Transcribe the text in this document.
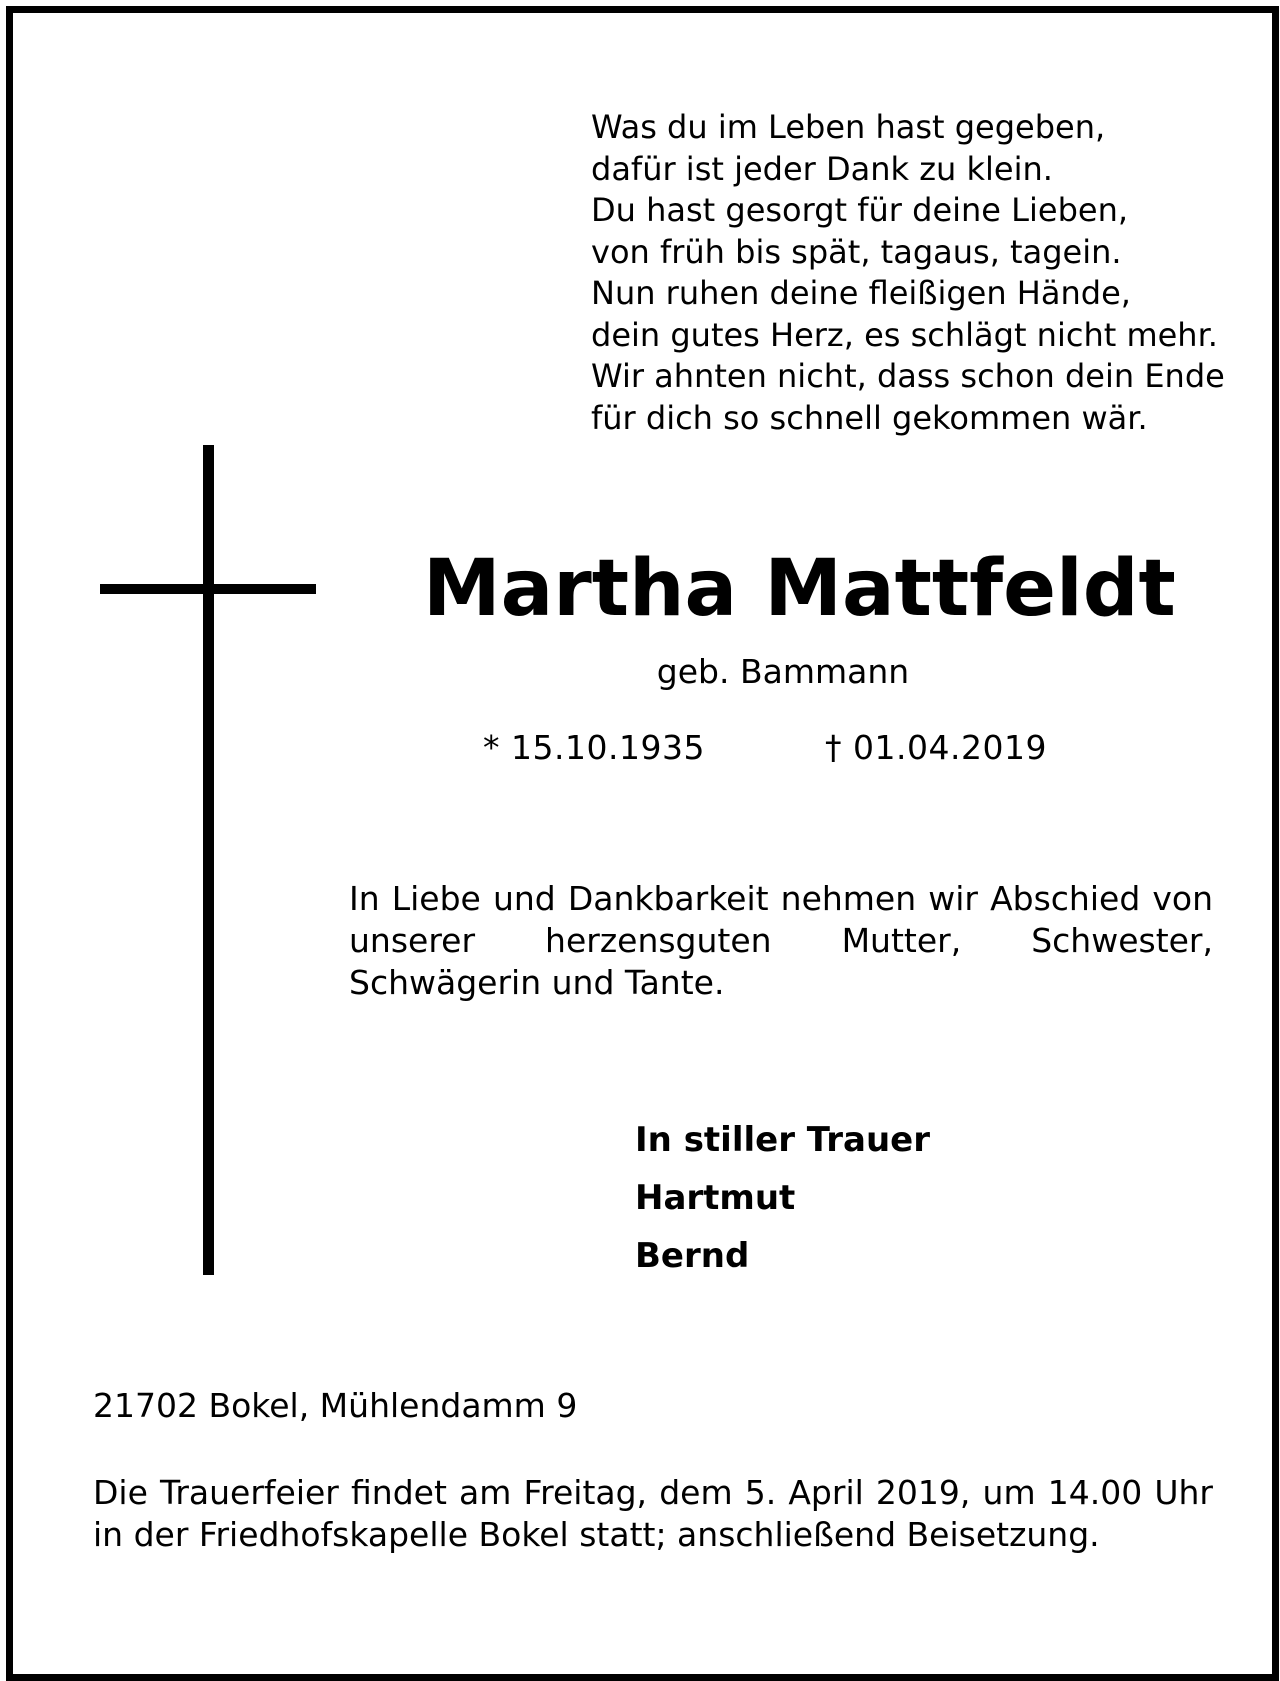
Was du im Leben hast gegeben,
dafür ist jeder Dank zu klein.
Du hast gesorgt für deine Lieben,
von früh bis spät, tagaus, tagein.
Nun ruhen deine fleißigen Hände,
dein gutes Herz, es schlägt nicht mehr.
Wir ahnten nicht, dass schon dein Ende
für dich so schnell gekommen wär.
Martha Mattfeldt
geb. Bammann
* 15.10.1935	† 01.04.2019
In Liebe und Dankbarkeit nehmen wir Abschied von unserer herzensguten Mutter, Schwester, Schwägerin und Tante.
In stiller Trauer
Hartmut
Bernd
21702 Bokel, Mühlendamm 9
Die Trauerfeier findet am Freitag, dem 5. April 2019, um 14.00 Uhr in der Friedhofskapelle Bokel statt; anschließend Beisetzung.
